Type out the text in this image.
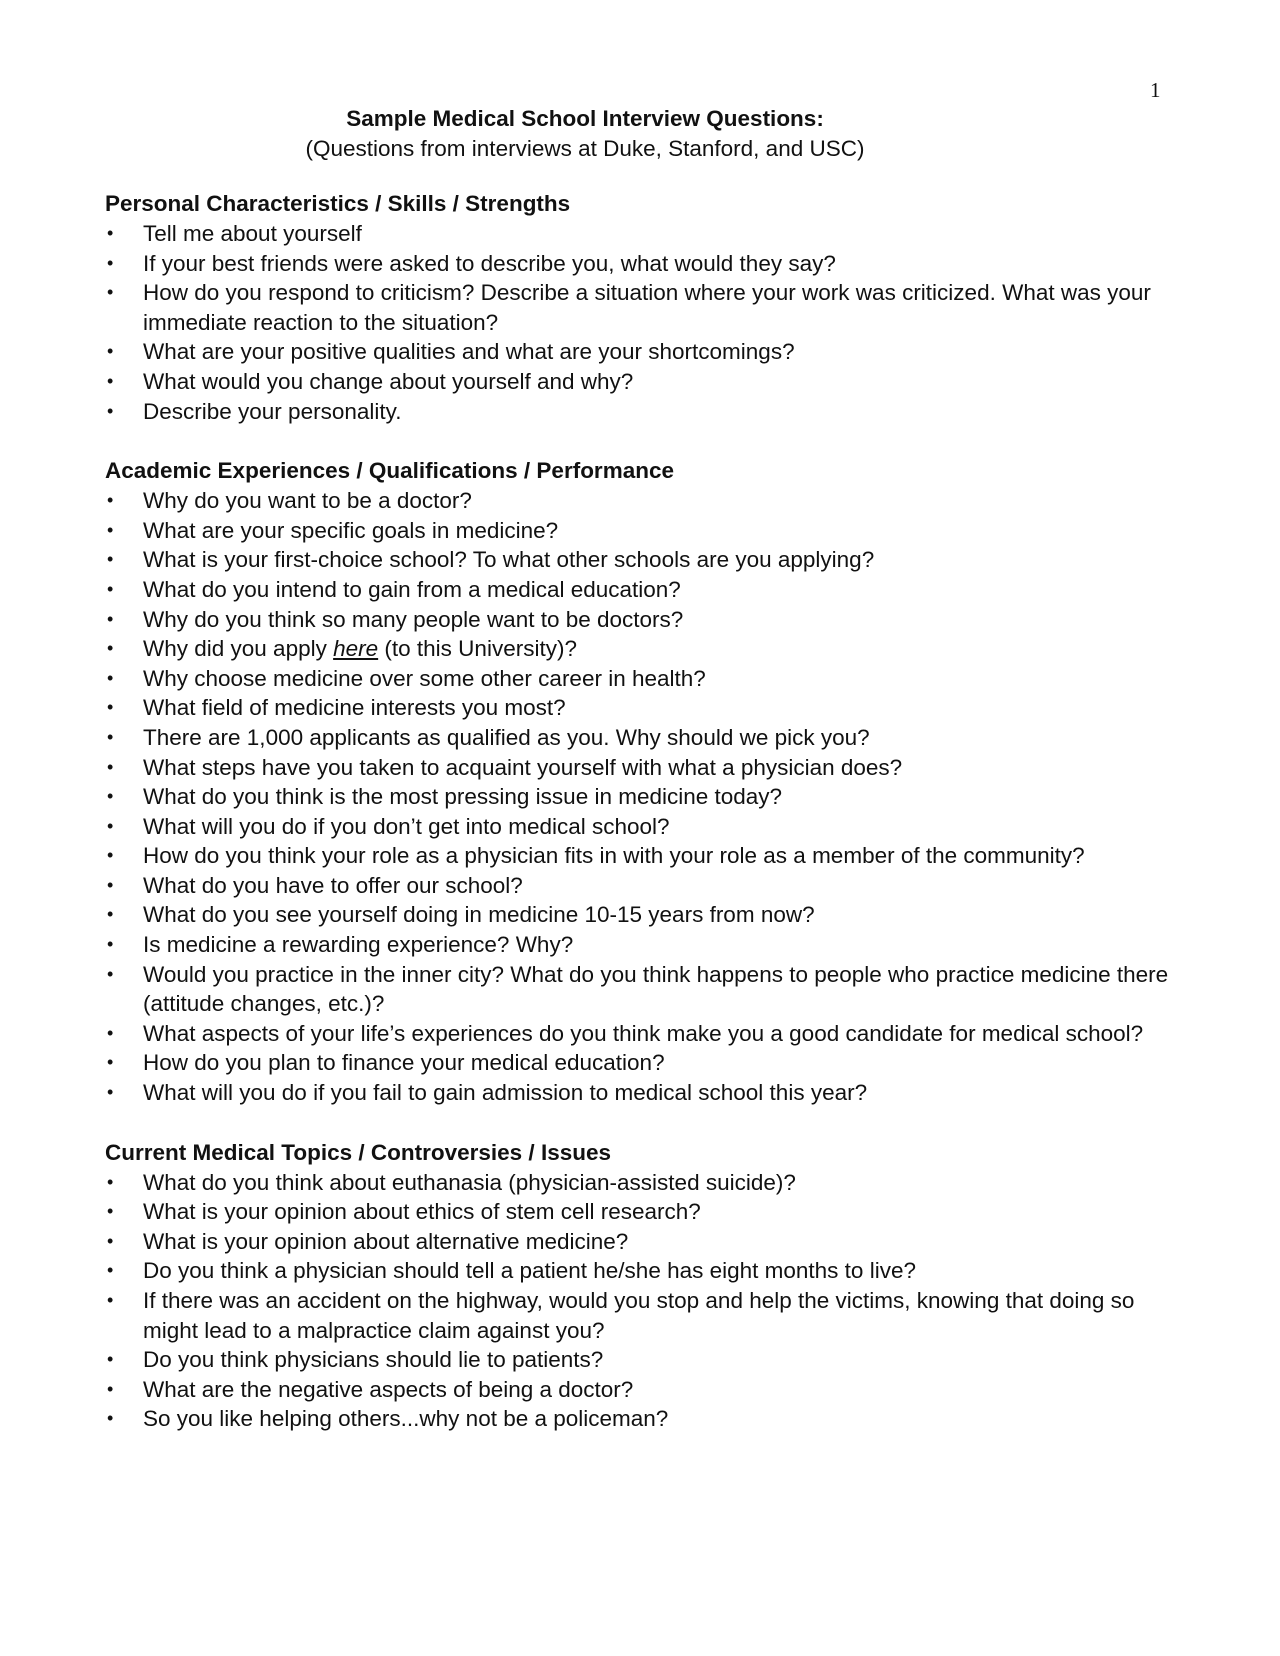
1
Sample Medical School Interview Questions:
(Questions from interviews at Duke, Stanford, and USC)
Personal Characteristics / Skills / Strengths
• Tell me about yourself
• If your best friends were asked to describe you, what would they say?
• How do you respond to criticism? Describe a situation where your work was criticized. What was your immediate reaction to the situation?
• What are your positive qualities and what are your shortcomings?
• What would you change about yourself and why?
• Describe your personality.
Academic Experiences / Qualifications / Performance
• Why do you want to be a doctor?
• What are your specific goals in medicine?
• What is your first-choice school? To what other schools are you applying?
• What do you intend to gain from a medical education?
• Why do you think so many people want to be doctors?
• Why did you apply here (to this University)?
• Why choose medicine over some other career in health?
• What field of medicine interests you most?
• There are 1,000 applicants as qualified as you. Why should we pick you?
• What steps have you taken to acquaint yourself with what a physician does?
• What do you think is the most pressing issue in medicine today?
• What will you do if you don’t get into medical school?
• How do you think your role as a physician fits in with your role as a member of the community?
• What do you have to offer our school?
• What do you see yourself doing in medicine 10-15 years from now?
• Is medicine a rewarding experience? Why?
• Would you practice in the inner city? What do you think happens to people who practice medicine there (attitude changes, etc.)?
• What aspects of your life’s experiences do you think make you a good candidate for medical school?
• How do you plan to finance your medical education?
• What will you do if you fail to gain admission to medical school this year?
Current Medical Topics / Controversies / Issues
• What do you think about euthanasia (physician-assisted suicide)?
• What is your opinion about ethics of stem cell research?
• What is your opinion about alternative medicine?
• Do you think a physician should tell a patient he/she has eight months to live?
• If there was an accident on the highway, would you stop and help the victims, knowing that doing so might lead to a malpractice claim against you?
• Do you think physicians should lie to patients?
• What are the negative aspects of being a doctor?
• So you like helping others...why not be a policeman?
